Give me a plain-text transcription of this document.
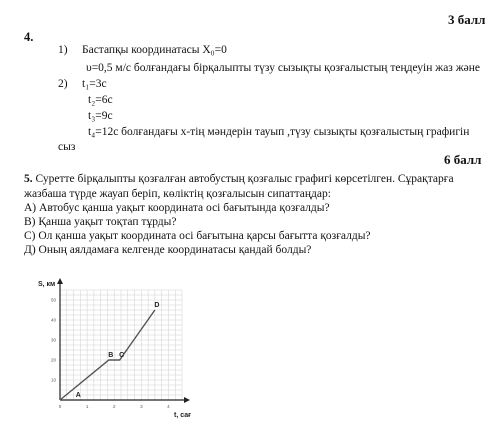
3 балл
4.
1) Бастапқы координатасы X₀=0
υ=0,5 м/с болғандағы бірқалыпты түзу сызықты қозғалыстың теңдеуін жаз және
2) t₁=3с
t₂=6с
t₃=9с
t₄=12с болғандағы х-тің мәндерін тауып ,түзу сызықты қозғалыстың графигін
сыз
6 балл
5. Суретте бірқалыпты қозғалған автобустың қозғалыс графигі көрсетілген. Сұрақтарға
жазбаша түрде жауап беріп, көліктің қозғалысын сипаттаңдар:
А) Автобус қанша уақыт координата осі бағытында қозғалды?
В) Қанша уақыт тоқтап тұрды?
С) Ол қанша уақыт координата осі бағытына қарсы бағытта қозғалды?
Д) Оның аялдамаға келгенде координатасы қандай болды?
0	1	2	3	4
10
20
30
40
50
S, км
t, сағ
A
B C
D
